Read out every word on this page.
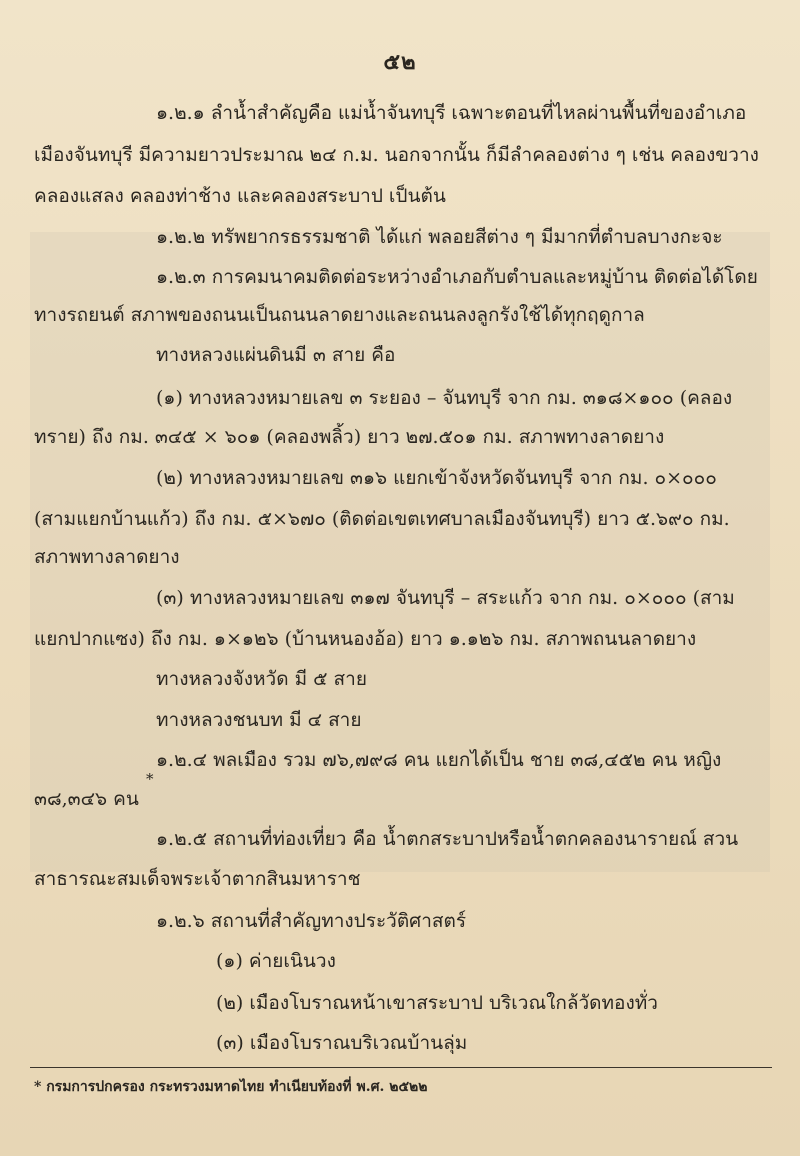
๕๒
๑.๒.๑ ลำน้ำสำคัญคือ แม่น้ำจันทบุรี เฉพาะตอนที่ไหลผ่านพื้นที่ของอำเภอ
เมืองจันทบุรี มีความยาวประมาณ ๒๔ ก.ม. นอกจากนั้น ก็มีลำคลองต่าง ๆ เช่น คลองขวาง
คลองแสลง คลองท่าช้าง และคลองสระบาป เป็นต้น
๑.๒.๒ ทรัพยากรธรรมชาติ ได้แก่ พลอยสีต่าง ๆ มีมากที่ตำบลบางกะจะ
๑.๒.๓ การคมนาคมติดต่อระหว่างอำเภอกับตำบลและหมู่บ้าน ติดต่อได้โดย
ทางรถยนต์ สภาพของถนนเป็นถนนลาดยางและถนนลงลูกรังใช้ได้ทุกฤดูกาล
ทางหลวงแผ่นดินมี ๓ สาย คือ
(๑) ทางหลวงหมายเลข ๓ ระยอง – จันทบุรี จาก กม. ๓๑๘×๑๐๐ (คลอง
ทราย) ถึง กม. ๓๔๕ × ๖๐๑ (คลองพลิ้ว) ยาว ๒๗.๕๐๑ กม. สภาพทางลาดยาง
(๒) ทางหลวงหมายเลข ๓๑๖ แยกเข้าจังหวัดจันทบุรี จาก กม. ๐×๐๐๐
(สามแยกบ้านแก้ว) ถึง กม. ๕×๖๗๐ (ติดต่อเขตเทศบาลเมืองจันทบุรี) ยาว ๕.๖๙๐ กม.
สภาพทางลาดยาง
(๓) ทางหลวงหมายเลข ๓๑๗ จันทบุรี – สระแก้ว จาก กม. ๐×๐๐๐ (สาม
แยกปากแซง) ถึง กม. ๑×๑๒๖ (บ้านหนองอ้อ) ยาว ๑.๑๒๖ กม. สภาพถนนลาดยาง
ทางหลวงจังหวัด มี ๕ สาย
ทางหลวงชนบท มี ๔ สาย
๑.๒.๔ พลเมือง รวม ๗๖,๗๙๘ คน แยกได้เป็น ชาย ๓๘,๔๕๒ คน หญิง
๓๘,๓๔๖ คน
*
๑.๒.๕ สถานที่ท่องเที่ยว คือ น้ำตกสระบาปหรือน้ำตกคลองนารายณ์ สวน
สาธารณะสมเด็จพระเจ้าตากสินมหาราช
๑.๒.๖ สถานที่สำคัญทางประวัติศาสตร์
(๑) ค่ายเนินวง
(๒) เมืองโบราณหน้าเขาสระบาป บริเวณใกล้วัดทองทั่ว
(๓) เมืองโบราณบริเวณบ้านลุ่ม
* กรมการปกครอง กระทรวงมหาดไทย ทำเนียบท้องที่ พ.ศ. ๒๕๒๒
